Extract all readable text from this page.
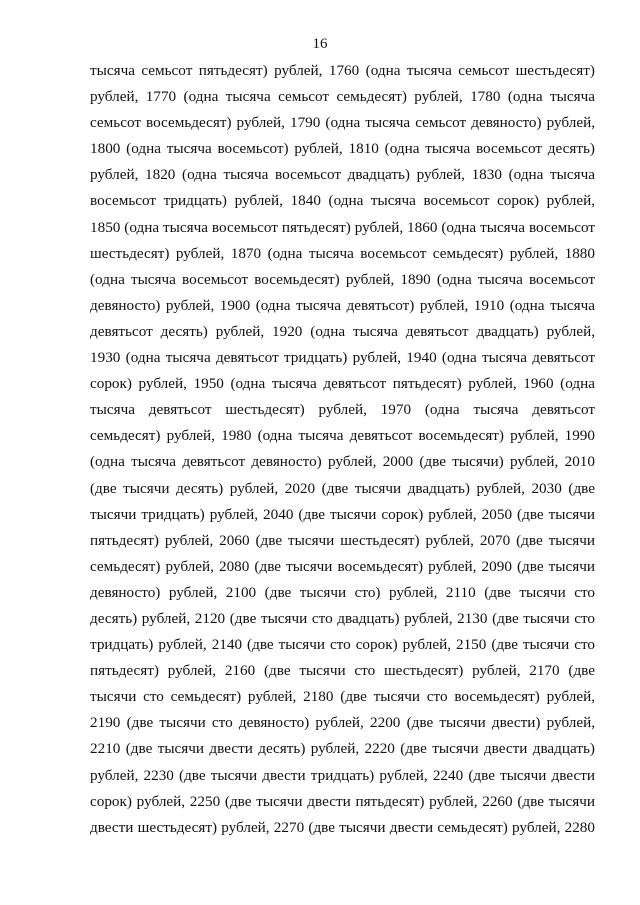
16
тысяча семьсот пятьдесят) рублей, 1760 (одна тысяча семьсот шестьдесят)
рублей, 1770 (одна тысяча семьсот семьдесят) рублей, 1780 (одна тысяча
семьсот восемьдесят) рублей, 1790 (одна тысяча семьсот девяносто) рублей,
1800 (одна тысяча восемьсот) рублей, 1810 (одна тысяча восемьсот десять)
рублей, 1820 (одна тысяча восемьсот двадцать) рублей, 1830 (одна тысяча
восемьсот тридцать) рублей, 1840 (одна тысяча восемьсот сорок) рублей,
1850 (одна тысяча восемьсот пятьдесят) рублей, 1860 (одна тысяча восемьсот
шестьдесят) рублей, 1870 (одна тысяча восемьсот семьдесят) рублей, 1880
(одна тысяча восемьсот восемьдесят) рублей, 1890 (одна тысяча восемьсот
девяносто) рублей, 1900 (одна тысяча девятьсот) рублей, 1910 (одна тысяча
девятьсот десять) рублей, 1920 (одна тысяча девятьсот двадцать) рублей,
1930 (одна тысяча девятьсот тридцать) рублей, 1940 (одна тысяча девятьсот
сорок) рублей, 1950 (одна тысяча девятьсот пятьдесят) рублей, 1960 (одна
тысяча девятьсот шестьдесят) рублей, 1970 (одна тысяча девятьсот
семьдесят) рублей, 1980 (одна тысяча девятьсот восемьдесят) рублей, 1990
(одна тысяча девятьсот девяносто) рублей, 2000 (две тысячи) рублей, 2010
(две тысячи десять) рублей, 2020 (две тысячи двадцать) рублей, 2030 (две
тысячи тридцать) рублей, 2040 (две тысячи сорок) рублей, 2050 (две тысячи
пятьдесят) рублей, 2060 (две тысячи шестьдесят) рублей, 2070 (две тысячи
семьдесят) рублей, 2080 (две тысячи восемьдесят) рублей, 2090 (две тысячи
девяносто) рублей, 2100 (две тысячи сто) рублей, 2110 (две тысячи сто
десять) рублей, 2120 (две тысячи сто двадцать) рублей, 2130 (две тысячи сто
тридцать) рублей, 2140 (две тысячи сто сорок) рублей, 2150 (две тысячи сто
пятьдесят) рублей, 2160 (две тысячи сто шестьдесят) рублей, 2170 (две
тысячи сто семьдесят) рублей, 2180 (две тысячи сто восемьдесят) рублей,
2190 (две тысячи сто девяносто) рублей, 2200 (две тысячи двести) рублей,
2210 (две тысячи двести десять) рублей, 2220 (две тысячи двести двадцать)
рублей, 2230 (две тысячи двести тридцать) рублей, 2240 (две тысячи двести
сорок) рублей, 2250 (две тысячи двести пятьдесят) рублей, 2260 (две тысячи
двести шестьдесят) рублей, 2270 (две тысячи двести семьдесят) рублей, 2280
